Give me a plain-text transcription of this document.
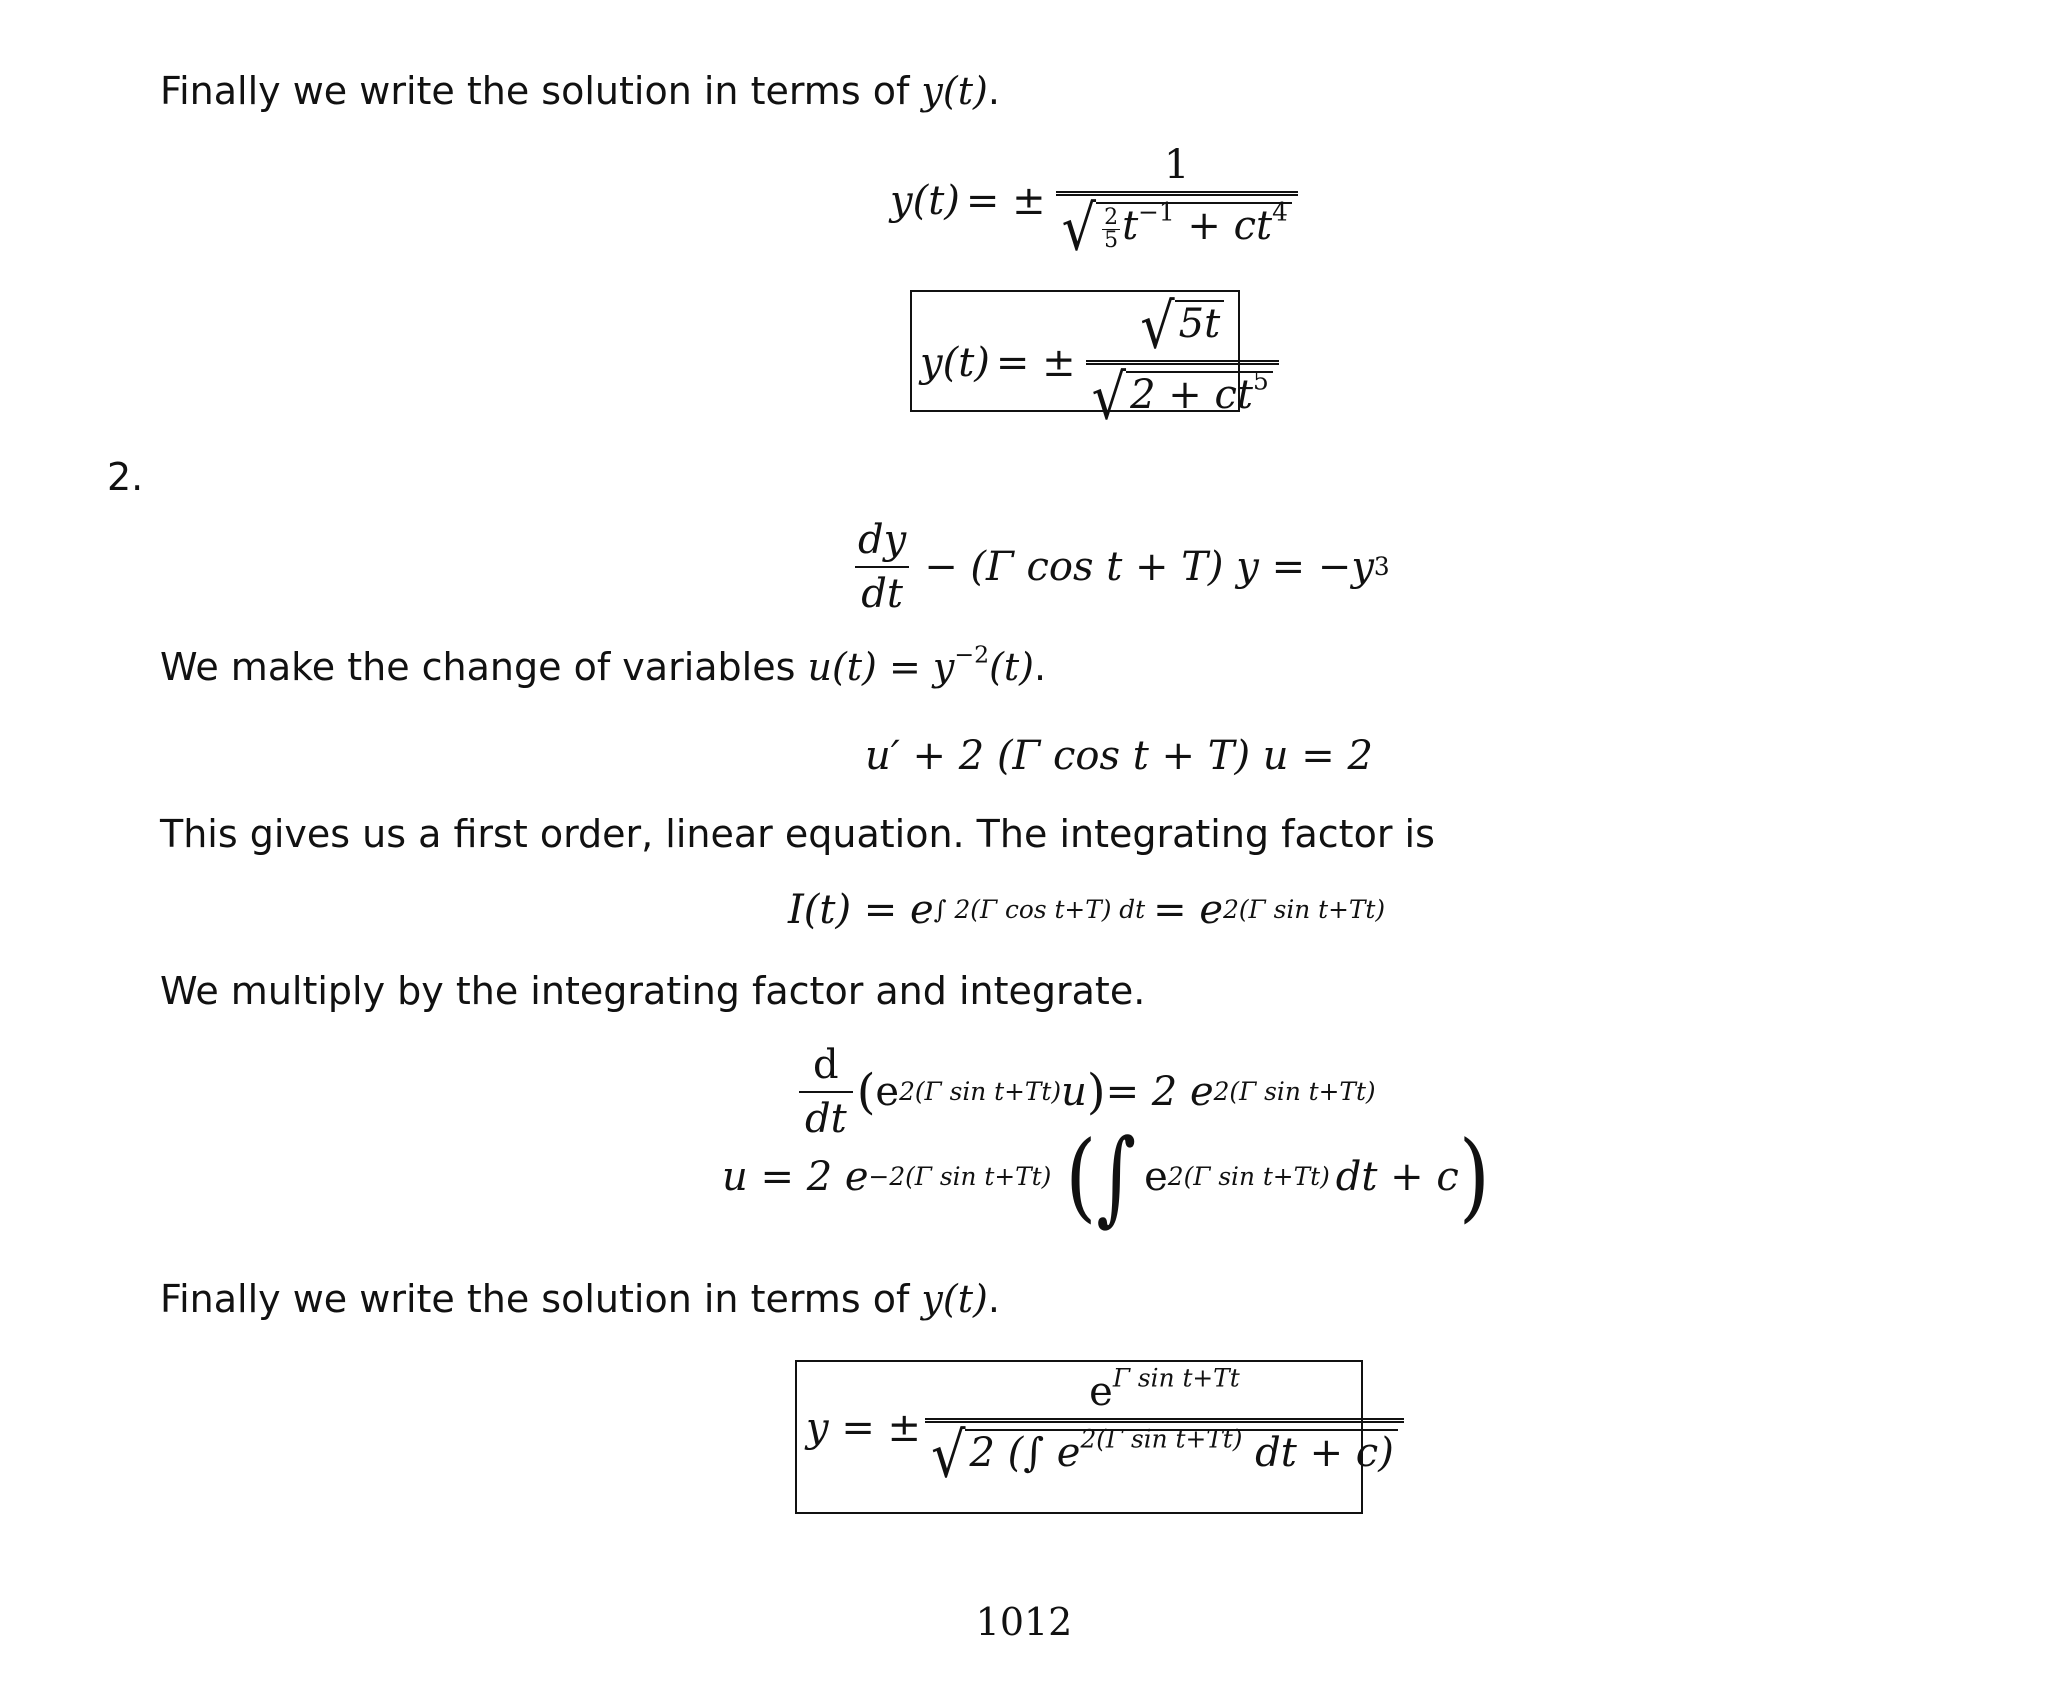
Finally we write the solution in terms of y(t).
y(t) = ± $\frac{1}{√ \frac{2}{5} t^{-1} + ct^4}$
y(t) = ± $\frac{√ 5t}{√ 2 + ct^5}$
2.
$\frac{dy}{dt} - (\Gamma$ cos t + T) y = −y 3
We make the change of variables $u(t) = y^{-2}(t)$.
u′ + 2 (Γ cos t + T) u = 2
This gives us a first order, linear equation. The integrating factor is
I(t) = e ∫ 2(Γ cos t+T) dt = e 2(Γ sin t+Tt)
We multiply by the integrating factor and integrate.
$\frac{d}{dt}$ ( e 2(Γ sin t+Tt) u ) = 2 e 2(Γ sin t+Tt)
u = 2 e −2(Γ sin t+Tt) ( ∫ e 2(Γ sin t+Tt) dt + c )
Finally we write the solution in terms of y(t).
y = ± $\frac{e^{\Gamma sin t+Tt}}{√ 2 (\int e^{2(\Gamma sin t+Tt)} dt + c)}$
1012
